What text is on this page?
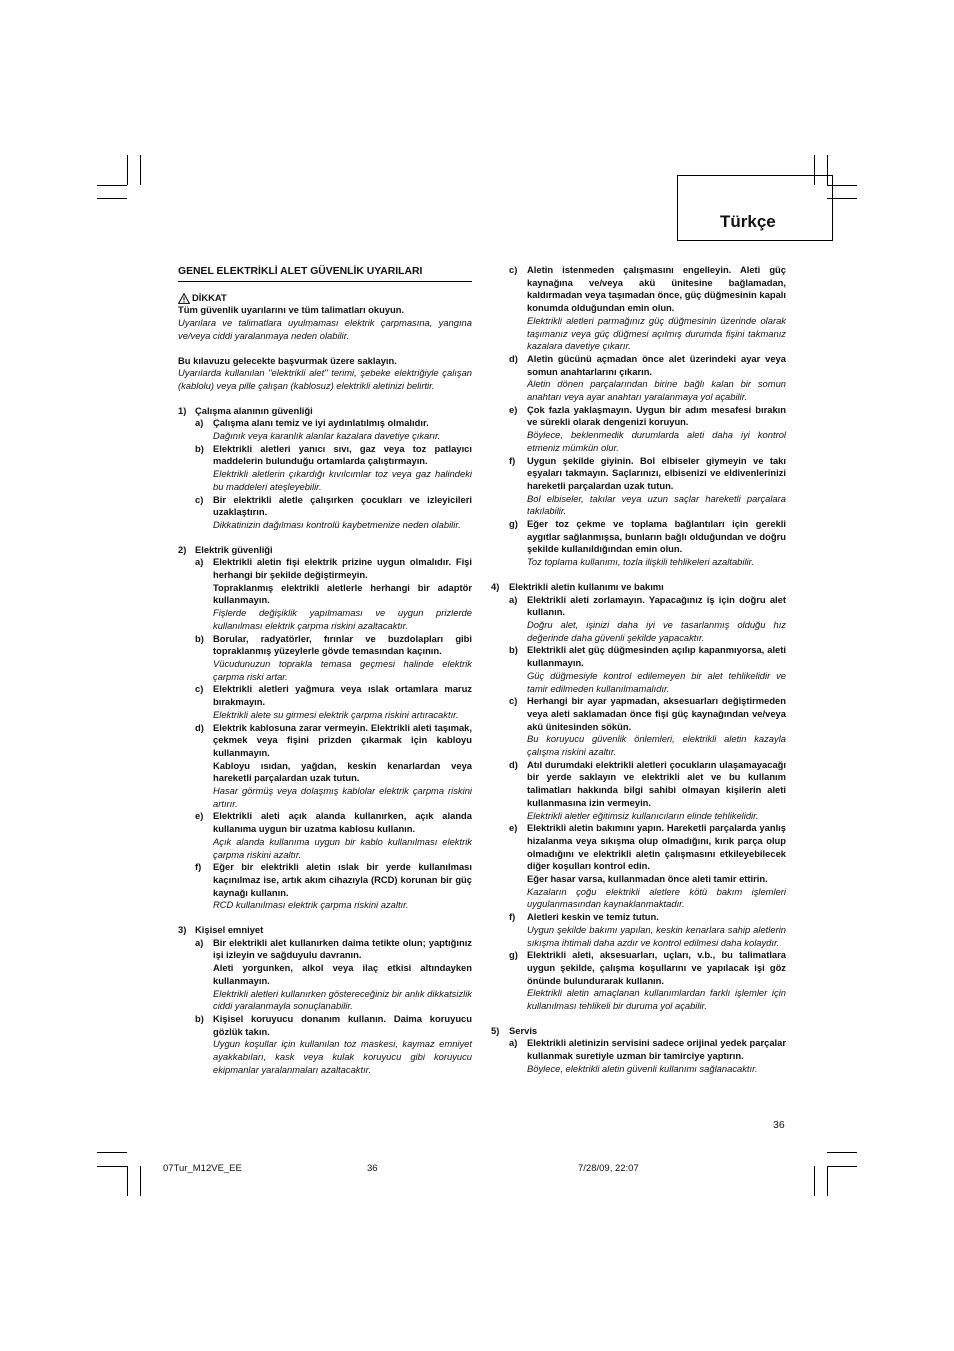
Türkçe
GENEL ELEKTRİKLİ ALET GÜVENLİK UYARILARI
DİKKAT

Tüm güvenlik uyarılarını ve tüm talimatları okuyun.

Uyarılara ve talimatlara uyulmaması elektrik çarpmasına, yangına ve/veya ciddi yaralanmaya neden olabilir.

Bu kılavuzu gelecekte başvurmak üzere saklayın.

Uyarılarda kullanılan "elektrikli alet" terimi, şebeke elektriğiyle çalışan (kablolu) veya pille çalışan (kablosuz) elektrikli aletinizi belirtir.

1) Çalışma alanının güvenliği
a) Çalışma alanı temiz ve iyi aydınlatılmış olmalıdır.

Dağınık veya karanlık alanlar kazalara davetiye çıkarır.

b) Elektrikli aletleri yanıcı sıvı, gaz veya toz patlayıcı maddelerin bulunduğu ortamlarda çalıştırmayın.

Elektrikli aletlerin çıkardığı kıvılcımlar toz veya gaz halindeki bu maddeleri ateşleyebilir.

c) Bir elektrikli aletle çalışırken çocukları ve izleyicileri uzaklaştırın.

Dikkatinizin dağılması kontrolü kaybetmenize neden olabilir.

2) Elektrik güvenliği
a) Elektrikli aletin fişi elektrik prizine uygun olmalıdır. Fişi herhangi bir şekilde değiştirmeyin.

Topraklanmış elektrikli aletlerle herhangi bir adaptör kullanmayın.

Fişlerde değişiklik yapılmaması ve uygun prizlerde kullanılması elektrik çarpma riskini azaltacaktır.

b) Borular, radyatörler, fırınlar ve buzdolapları gibi topraklanmış yüzeylerle gövde temasından kaçının.

Vücudunuzun toprakla temasa geçmesi halinde elektrik çarpma riski artar.

c) Elektrikli aletleri yağmura veya ıslak ortamlara maruz bırakmayın.

Elektrikli alete su girmesi elektrik çarpma riskini artıracaktır.

d) Elektrik kablosuna zarar vermeyin. Elektrikli aleti taşımak, çekmek veya fişini prizden çıkarmak için kabloyu kullanmayın.

Kabloyu ısıdan, yağdan, keskin kenarlardan veya hareketli parçalardan uzak tutun.

Hasar görmüş veya dolaşmış kablolar elektrik çarpma riskini artırır.

e) Elektrikli aleti açık alanda kullanırken, açık alanda kullanıma uygun bir uzatma kablosu kullanın.

Açık alanda kullanıma uygun bir kablo kullanılması elektrik çarpma riskini azaltır.

f) Eğer bir elektrikli aletin ıslak bir yerde kullanılması kaçınılmaz ise, artık akım cihazıyla (RCD) korunan bir güç kaynağı kullanın.

RCD kullanılması elektrik çarpma riskini azaltır.

3) Kişisel emniyet
a) Bir elektrikli alet kullanırken daima tetikte olun; yaptığınız işi izleyin ve sağduyulu davranın.

Aleti yorgunken, alkol veya ilaç etkisi altındayken kullanmayın.

Elektrikli aletleri kullanırken göstereceğiniz bir anlık dikkatsizlik ciddi yaralanmayla sonuçlanabilir.

b) Kişisel koruyucu donanım kullanın. Daima koruyucu gözlük takın.

Uygun koşullar için kullanılan toz maskesi, kaymaz emniyet ayakkabıları, kask veya kulak koruyucu gibi koruyucu ekipmanlar yaralanmaları azaltacaktır.

c) Aletin istenmeden çalışmasını engelleyin. Aleti güç kaynağına ve/veya akü ünitesine bağlamadan, kaldırmadan veya taşımadan önce, güç düğmesinin kapalı konumda olduğundan emin olun.

Elektrikli aletleri parmağınız güç düğmesinin üzerinde olarak taşımanız veya güç düğmesi açılmış durumda fişini takmanız kazalara davetiye çıkarır.

d) Aletin gücünü açmadan önce alet üzerindeki ayar veya somun anahtarlarını çıkarın.

Aletin dönen parçalarından birine bağlı kalan bir somun anahtarı veya ayar anahtarı yaralanmaya yol açabilir.

e) Çok fazla yaklaşmayın. Uygun bir adım mesafesi bırakın ve sürekli olarak dengenizi koruyun.

Böylece, beklenmedik durumlarda aleti daha iyi kontrol etmeniz mümkün olur.

f) Uygun şekilde giyinin. Bol elbiseler giymeyin ve takı eşyaları takmayın. Saçlarınızı, elbisenizi ve eldivenlerinizi hareketli parçalardan uzak tutun.

Bol elbiseler, takılar veya uzun saçlar hareketli parçalara takılabilir.

g) Eğer toz çekme ve toplama bağlantıları için gerekli aygıtlar sağlanmışsa, bunların bağlı olduğundan ve doğru şekilde kullanıldığından emin olun.

Toz toplama kullanımı, tozla ilişkili tehlikeleri azaltabilir.

4) Elektrikli aletin kullanımı ve bakımı
a) Elektrikli aleti zorlamayın. Yapacağınız iş için doğru alet kullanın.

Doğru alet, işinizi daha iyi ve tasarlanmış olduğu hız değerinde daha güvenli şekilde yapacaktır.

b) Elektrikli alet güç düğmesinden açılıp kapanmıyorsa, aleti kullanmayın.

Güç düğmesiyle kontrol edilemeyen bir alet tehlikelidir ve tamir edilmeden kullanılmamalıdır.

c) Herhangi bir ayar yapmadan, aksesuarları değiştirmeden veya aleti saklamadan önce fişi güç kaynağından ve/veya akü ünitesinden sökün.

Bu koruyucu güvenlik önlemleri, elektrikli aletin kazayla çalışma riskini azaltır.

d) Atıl durumdaki elektrikli aletleri çocukların ulaşamayacağı bir yerde saklayın ve elektrikli alet ve bu kullanım talimatları hakkında bilgi sahibi olmayan kişilerin aleti kullanmasına izin vermeyin.

Elektrikli aletler eğitimsiz kullanıcıların elinde tehlikelidir.

e) Elektrikli aletin bakımını yapın. Hareketli parçalarda yanlış hizalanma veya sıkışma olup olmadığını, kırık parça olup olmadığını ve elektrikli aletin çalışmasını etkileyebilecek diğer koşulları kontrol edin.

Eğer hasar varsa, kullanmadan önce aleti tamir ettirin.

Kazaların çoğu elektrikli aletlere kötü bakım işlemleri uygulanmasından kaynaklanmaktadır.

f) Aletleri keskin ve temiz tutun.

Uygun şekilde bakımı yapılan, keskin kenarlara sahip aletlerin sıkışma ihtimali daha azdır ve kontrol edilmesi daha kolaydır.

g) Elektrikli aleti, aksesuarları, uçları, v.b., bu talimatlara uygun şekilde, çalışma koşullarını ve yapılacak işi göz önünde bulundurarak kullanın.

Elektrikli aletin amaçlanan kullanımlardan farklı işlemler için kullanılması tehlikeli bir duruma yol açabilir.

5) Servis
a) Elektrikli aletinizin servisini sadece orijinal yedek parçalar kullanmak suretiyle uzman bir tamirciye yaptırın.

Böylece, elektrikli aletin güvenli kullanımı sağlanacaktır.

36
07Tur_M12VE_EE	36	7/28/09, 22:07
